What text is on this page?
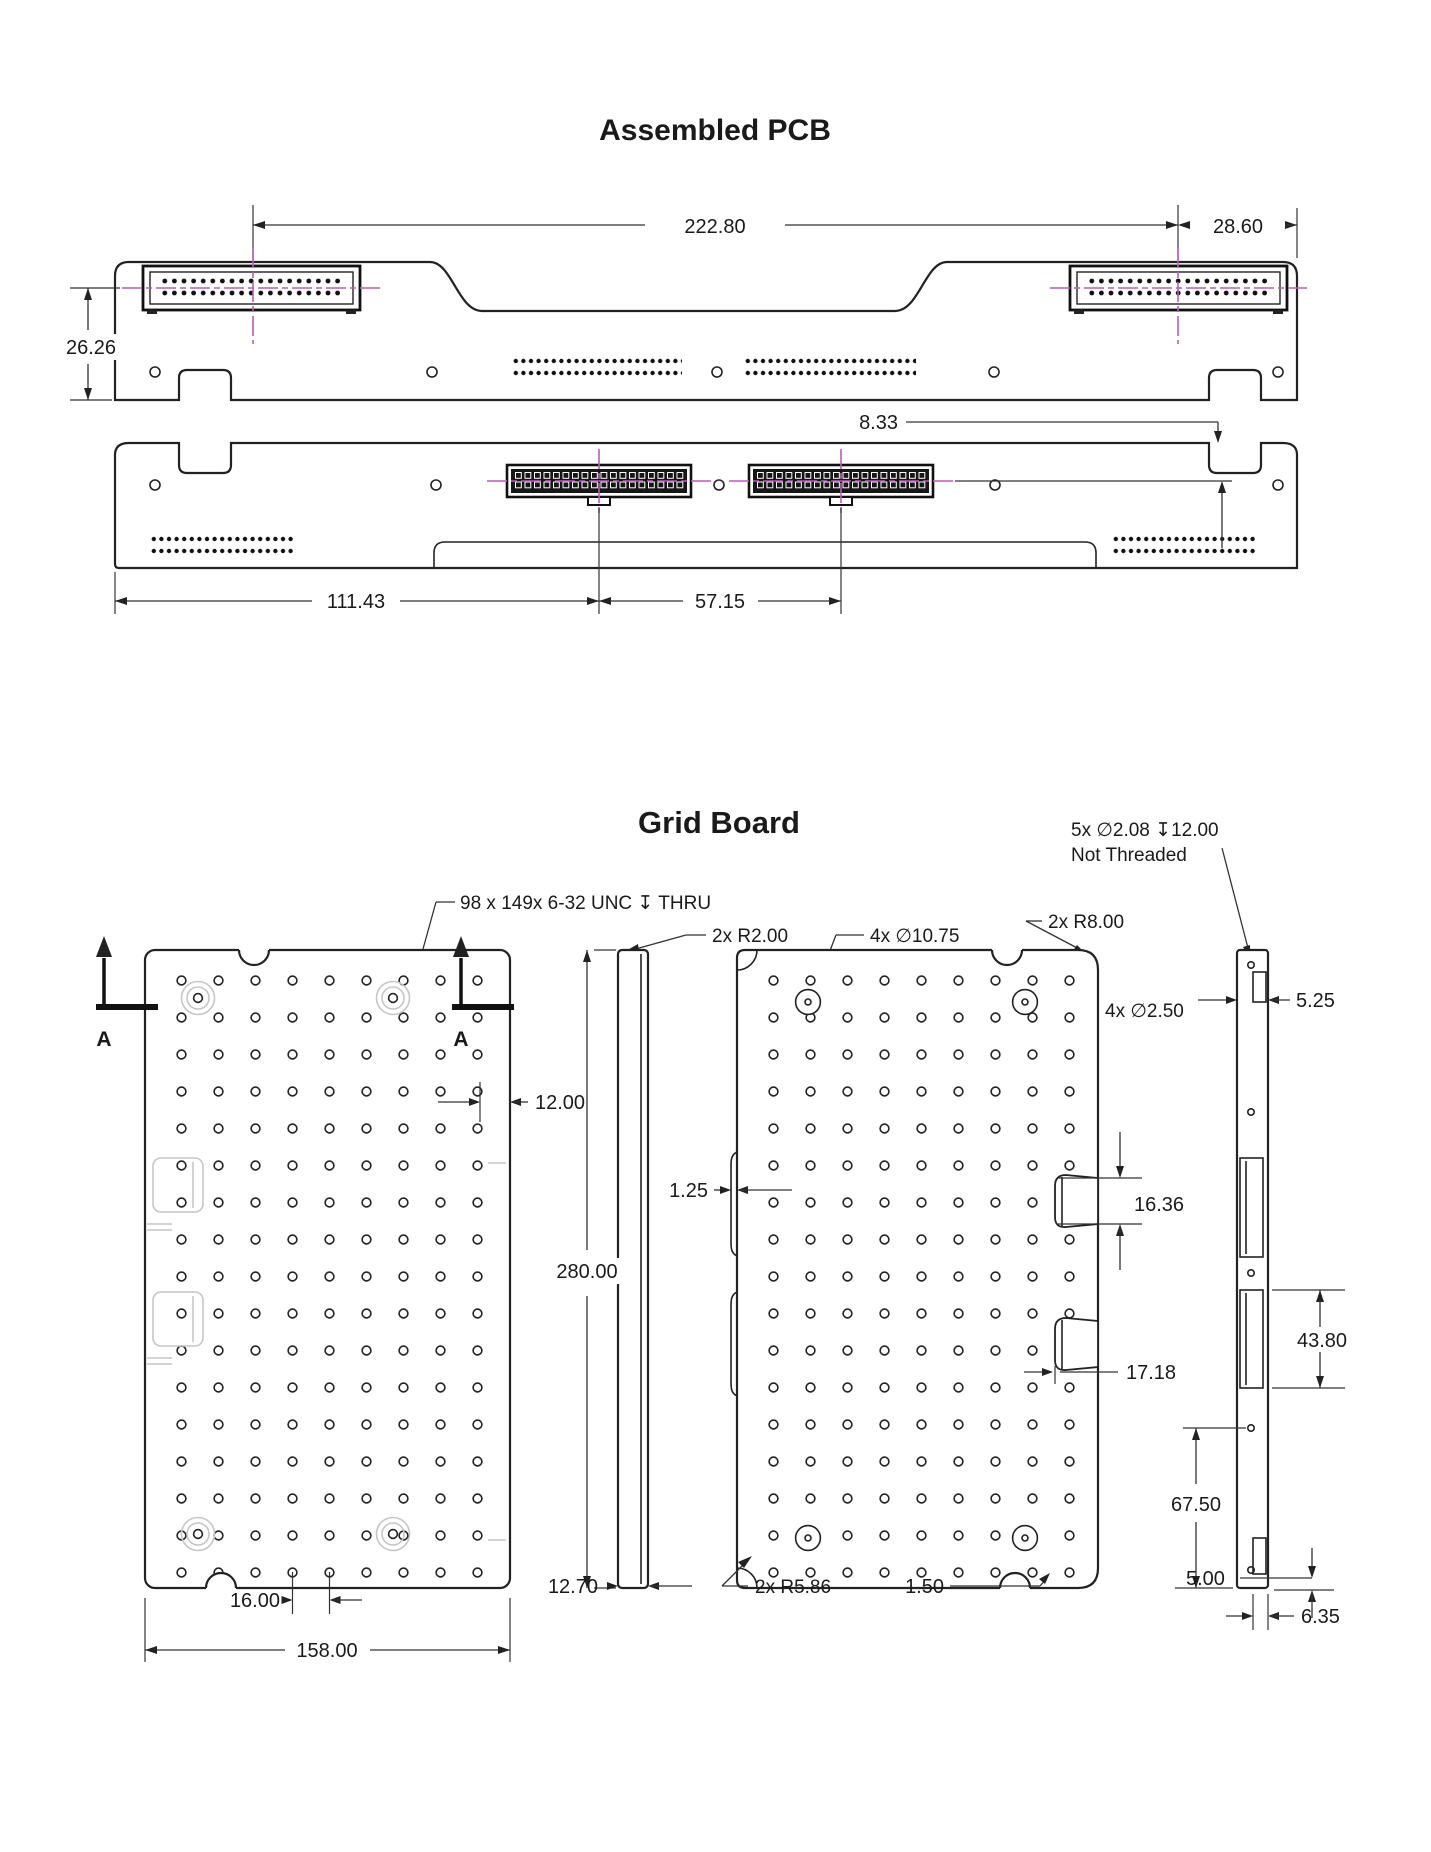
Assembled PCB
222.80	28.60
26.26
8.33
111.43	57.15
Grid Board	5x ∅2.08 ↧12.00
Not Threaded
98 x 149x 6-32 UNC ↧ THRU
2x R2.00	4x ∅10.75
2x R8.00
4x ∅2.50
A	A
16.00
158.00
12.00
280.00
1.25
16.36
17.18
5.25
43.80
67.50
12.70	2x R5.86	1.50	5.00
6.35
